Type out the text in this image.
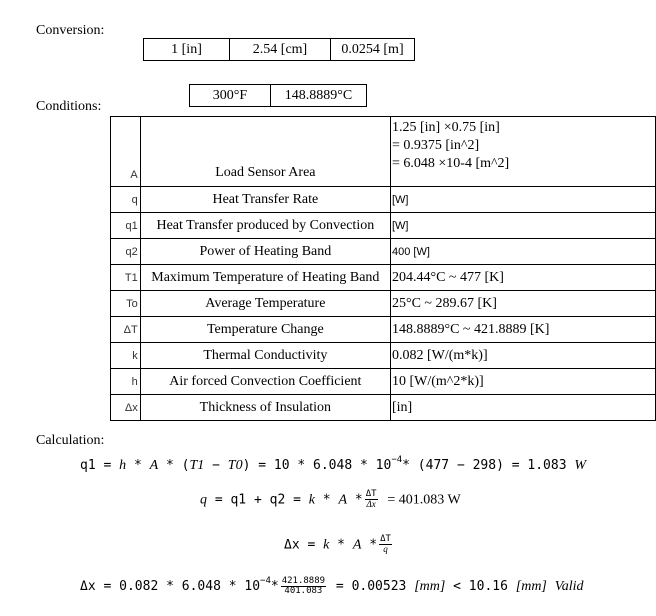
Conversion:
1 [in]	2.54 [cm]	0.0254 [m]
300°F	148.8889°C
Conditions:
A	Load Sensor Area	1.25 [in] ×0.75 [in]
= 0.9375 [in^2]
= 6.048 ×10-4 [m^2]

q	Heat Transfer Rate	[W]
q1	Heat Transfer produced by Convection	[W]
q2	Power of Heating Band	400 [W]
T1	Maximum Temperature of Heating Band	204.44°C ~ 477 [K]
To	Average Temperature	25°C ~ 289.67 [K]
ΔT	Temperature Change	148.8889°C ~ 421.8889 [K]
k	Thermal Conductivity	0.082 [W/(m*k)]
h	Air forced Convection Coefficient	10 [W/(m^2*k)]
Δx	Thickness of Insulation	[in]
Calculation:
$q1 = h * A * (T1 - T0) = 10 * 6.048 * 10^{-4}*$ (477 − 298) = 1.083 W
$q = q1 + q2 = k * A * \frac{\Delta T}{\Delta x} = 401.083$ W
$\Delta x = k * A * \frac{\Delta T}{q}$
$\Delta x = 0.082 * 6.048 * 10^{-4}* \frac{421.8889}{401.083} = 0.00523$ [mm] < 10.16 [mm] Valid
